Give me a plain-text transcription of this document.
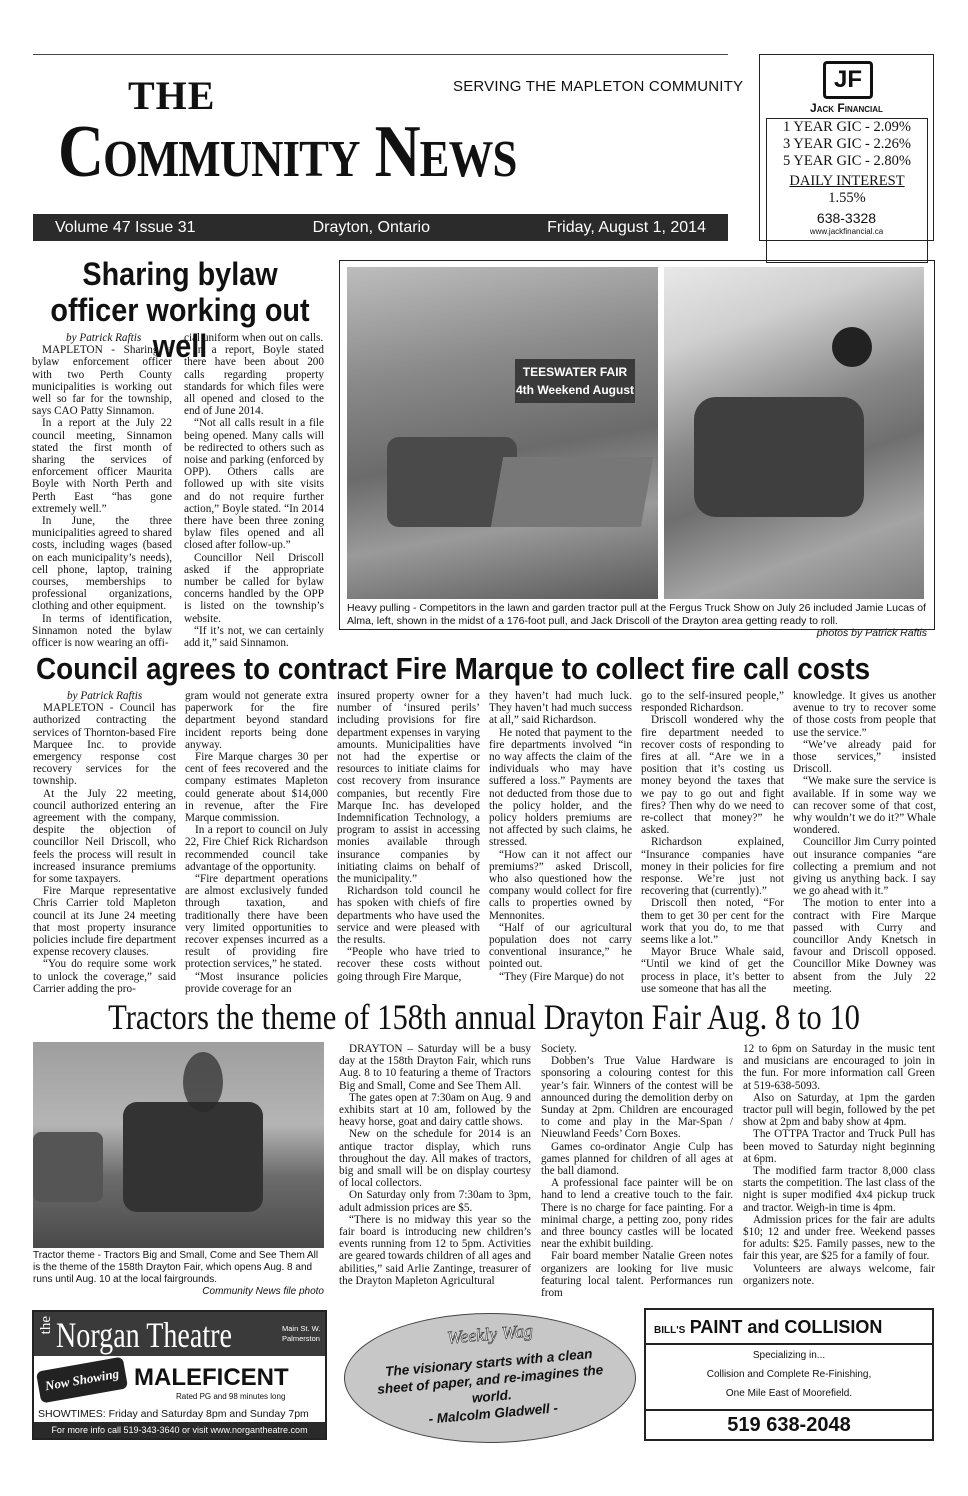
THE
Community News
SERVING THE MAPLETON COMMUNITY
Volume 47 Issue 31	Drayton, Ontario	Friday, August 1, 2014
JF
Jack Financial
1 YEAR GIC - 2.09%
3 YEAR GIC - 2.26%
5 YEAR GIC - 2.80%
DAILY INTEREST
1.55%
638-3328
www.jackfinancial.ca
Sharing bylaw officer working out well

by Patrick Raftis

MAPLETON - Sharing a bylaw enforcement officer with two Perth County municipalities is working out well so far for the township, says CAO Patty Sinnamon.

In a report at the July 22 council meeting, Sinnamon stated the first month of sharing the services of enforcement officer Maurita Boyle with North Perth and Perth East “has gone extremely well.”

In June, the three municipalities agreed to shared costs, including wages (based on each municipality’s needs), cell phone, laptop, training courses, memberships to professional organizations, clothing and other equipment.

In terms of identification, Sinnamon noted the bylaw officer is now wearing an offi-

cial uniform when out on calls.

In a report, Boyle stated there have been about 200 calls regarding property standards for which files were all opened and closed to the end of June 2014.

“Not all calls result in a file being opened. Many calls will be redirected to others such as noise and parking (enforced by OPP). Others calls are followed up with site visits and do not require further action,” Boyle stated. “In 2014 there have been three zoning bylaw files opened and all closed after follow-up.”

Councillor Neil Driscoll asked if the appropriate number be called for bylaw concerns handled by the OPP is listed on the township’s website.

“If it’s not, we can certainly add it,” said Sinnamon.

TEESWATER FAIR 4th Weekend August
Heavy pulling - Competitors in the lawn and garden tractor pull at the Fergus Truck Show on July 26 included Jamie Lucas of Alma, left, shown in the midst of a 176-foot pull, and Jack Driscoll of the Drayton area getting ready to roll.
photos by Patrick Raftis
Council agrees to contract Fire Marque to collect fire call costs

by Patrick Raftis

MAPLETON - Council has authorized contracting the services of Thornton-based Fire Marquee Inc. to provide emergency response cost recovery services for the township.

At the July 22 meeting, council authorized entering an agreement with the company, despite the objection of councillor Neil Driscoll, who feels the process will result in increased insurance premiums for some taxpayers.

Fire Marque representative Chris Carrier told Mapleton council at its June 24 meeting that most property insurance policies include fire department expense recovery clauses.

“You do require some work to unlock the coverage,” said Carrier adding the pro-

gram would not generate extra paperwork for the fire department beyond standard incident reports being done anyway.

Fire Marque charges 30 per cent of fees recovered and the company estimates Mapleton could generate about $14,000 in revenue, after the Fire Marque commission.

In a report to council on July 22, Fire Chief Rick Richardson recommended council take advantage of the opportunity.

“Fire department operations are almost exclusively funded through taxation, and traditionally there have been very limited opportunities to recover expenses incurred as a result of providing fire protection services,” he stated.

“Most insurance policies provide coverage for an

insured property owner for a number of ‘insured perils’ including provisions for fire department expenses in varying amounts. Municipalities have not had the expertise or resources to initiate claims for cost recovery from insurance companies, but recently Fire Marque Inc. has developed Indemnification Technology, a program to assist in accessing monies available through insurance companies by initiating claims on behalf of the municipality.”

Richardson told council he has spoken with chiefs of fire departments who have used the service and were pleased with the results.

“People who have tried to recover these costs without going through Fire Marque,

they haven’t had much luck. They haven’t had much success at all,” said Richardson.

He noted that payment to the fire departments involved “in no way affects the claim of the individuals who may have suffered a loss.” Payments are not deducted from those due to the policy holder, and the policy holders premiums are not affected by such claims, he stressed.

“How can it not affect our premiums?” asked Driscoll, who also questioned how the company would collect for fire calls to properties owned by Mennonites.

“Half of our agricultural population does not carry conventional insurance,” he pointed out.

“They (Fire Marque) do not

go to the self-insured people,” responded Richardson.

Driscoll wondered why the fire department needed to recover costs of responding to fires at all. “Are we in a position that it’s costing us money beyond the taxes that we pay to go out and fight fires? Then why do we need to re-collect that money?” he asked.

Richardson explained, “Insurance companies have money in their policies for fire response. We’re just not recovering that (currently).”

Driscoll then noted, “For them to get 30 per cent for the work that you do, to me that seems like a lot.”

Mayor Bruce Whale said, “Until we kind of get the process in place, it’s better to use someone that has all the

knowledge. It gives us another avenue to try to recover some of those costs from people that use the service.”

“We’ve already paid for those services,” insisted Driscoll.

“We make sure the service is available. If in some way we can recover some of that cost, why wouldn’t we do it?” Whale wondered.

Councillor Jim Curry pointed out insurance companies “are collecting a premium and not giving us anything back. I say we go ahead with it.”

The motion to enter into a contract with Fire Marque passed with Curry and councillor Andy Knetsch in favour and Driscoll opposed. Councillor Mike Downey was absent from the July 22 meeting.

Tractors the theme of 158th annual Drayton Fair Aug. 8 to 10
Tractor theme - Tractors Big and Small, Come and See Them All is the theme of the 158th Drayton Fair, which opens Aug. 8 and runs until Aug. 10 at the local fairgrounds.
Community News file photo

DRAYTON – Saturday will be a busy day at the 158th Drayton Fair, which runs Aug. 8 to 10 featuring a theme of Tractors Big and Small, Come and See Them All.

The gates open at 7:30am on Aug. 9 and exhibits start at 10 am, followed by the heavy horse, goat and dairy cattle shows.

New on the schedule for 2014 is an antique tractor display, which runs throughout the day. All makes of tractors, big and small will be on display courtesy of local collectors.

On Saturday only from 7:30am to 3pm, adult admission prices are $5.

“There is no midway this year so the fair board is introducing new children’s events running from 12 to 5pm. Activities are geared towards children of all ages and abilities,” said Arlie Zantinge, treasurer of the Drayton Mapleton Agricultural

Society.

Dobben’s True Value Hardware is sponsoring a colouring contest for this year’s fair. Winners of the contest will be announced during the demolition derby on Sunday at 2pm. Children are encouraged to come and play in the Mar-Span / Nieuwland Feeds’ Corn Boxes.

Games co-ordinator Angie Culp has games planned for children of all ages at the ball diamond.

A professional face painter will be on hand to lend a creative touch to the fair. There is no charge for face painting. For a minimal charge, a petting zoo, pony rides and three bouncy castles will be located near the exhibit building.

Fair board member Natalie Green notes organizers are looking for live music featuring local talent. Performances run from

12 to 6pm on Saturday in the music tent and musicians are encouraged to join in the fun. For more information call Green at 519-638-5093.

Also on Saturday, at 1pm the garden tractor pull will begin, followed by the pet show at 2pm and baby show at 4pm.

The OTTPA Tractor and Truck Pull has been moved to Saturday night beginning at 6pm.

The modified farm tractor 8,000 class starts the competition. The last class of the night is super modified 4x4 pickup truck and tractor. Weigh-in time is 4pm.

Admission prices for the fair are adults $10; 12 and under free. Weekend passes for adults: $25. Family passes, new to the fair this year, are $25 for a family of four.

Volunteers are always welcome, fair organizers note.

the Norgan Theatre	Main St. W.
Palmerston
Now Showing MALEFICENT
Rated PG and 98 minutes long
SHOWTIMES: Friday and Saturday 8pm and Sunday 7pm
For more info call 519-343-3640 or visit www.norgantheatre.com
Weekly Wag
The visionary starts with a clean sheet of paper, and re-imagines the world.
- Malcolm Gladwell -
BILL'S PAINT and COLLISION
Specializing in...
Collision and Complete Re-Finishing,
One Mile East of Moorefield.
519 638-2048
